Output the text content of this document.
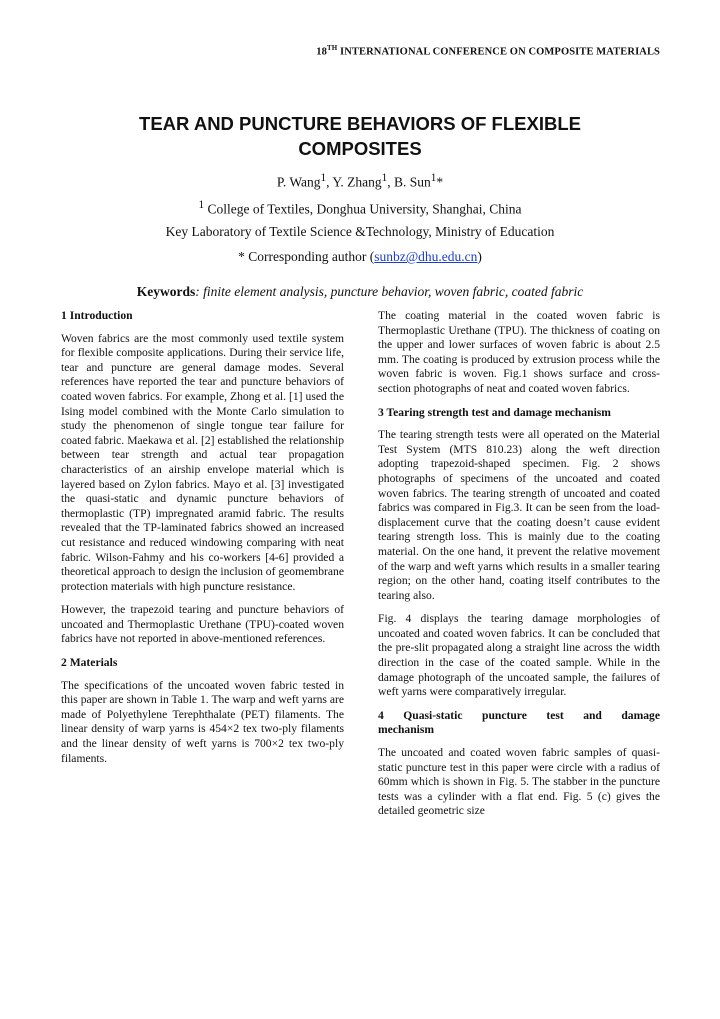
18TH INTERNATIONAL CONFERENCE ON COMPOSITE MATERIALS
TEAR AND PUNCTURE BEHAVIORS OF FLEXIBLE
COMPOSITES
P. Wang$^1$, Y. Zhang$^1$, B. Sun$^1$*
$^1$ College of Textiles, Donghua University, Shanghai, China
Key Laboratory of Textile Science &Technology, Ministry of Education
* Corresponding author (sunbz@dhu.edu.cn)
Keywords: finite element analysis, puncture behavior, woven fabric, coated fabric
1 Introduction

Woven fabrics are the most commonly used textile system for flexible composite applications. During their service life, tear and puncture are general damage modes. Several references have reported the tear and puncture behaviors of coated woven fabrics. For example, Zhong et al. [1] used the Ising model combined with the Monte Carlo simulation to study the phenomenon of single tongue tear failure for coated fabric. Maekawa et al. [2] established the relationship between tear strength and actual tear propagation characteristics of an airship envelope material which is layered based on Zylon fabrics. Mayo et al. [3] investigated the quasi-static and dynamic puncture behaviors of thermoplastic (TP) impregnated aramid fabric. The results revealed that the TP-laminated fabrics showed an increased cut resistance and reduced windowing comparing with neat fabric. Wilson-Fahmy and his co-workers [4-6] provided a theoretical approach to design the inclusion of geomembrane protection materials with high puncture resistance.

However, the trapezoid tearing and puncture behaviors of uncoated and Thermoplastic Urethane (TPU)-coated woven fabrics have not reported in above-mentioned references.

2 Materials

The specifications of the uncoated woven fabric tested in this paper are shown in Table 1. The warp and weft yarns are made of Polyethylene Terephthalate (PET) filaments. The linear density of warp yarns is 454×2 tex two-ply filaments and the linear density of weft yarns is 700×2 tex two-ply filaments.

The coating material in the coated woven fabric is Thermoplastic Urethane (TPU). The thickness of coating on the upper and lower surfaces of woven fabric is about 2.5 mm. The coating is produced by extrusion process while the woven fabric is woven. Fig.1 shows surface and cross-section photographs of neat and coated woven fabrics.

3 Tearing strength test and damage mechanism

The tearing strength tests were all operated on the Material Test System (MTS 810.23) along the weft direction adopting trapezoid-shaped specimen. Fig. 2 shows photographs of specimens of the uncoated and coated woven fabrics. The tearing strength of uncoated and coated fabrics was compared in Fig.3. It can be seen from the load-displacement curve that the coating doesn’t cause evident tearing strength loss. This is mainly due to the coating material. On the one hand, it prevent the relative movement of the warp and weft yarns which results in a smaller tearing region; on the other hand, coating itself contributes to the tearing also.

Fig. 4 displays the tearing damage morphologies of uncoated and coated woven fabrics. It can be concluded that the pre-slit propagated along a straight line across the width direction in the case of the coated sample. While in the damage photograph of the uncoated sample, the failures of weft yarns were comparatively irregular.

4 Quasi-static puncture test and damage
mechanism

The uncoated and coated woven fabric samples of quasi-static puncture test in this paper were circle with a radius of 60mm which is shown in Fig. 5. The stabber in the puncture tests was a cylinder with a flat end. Fig. 5 (c) gives the detailed geometric size
